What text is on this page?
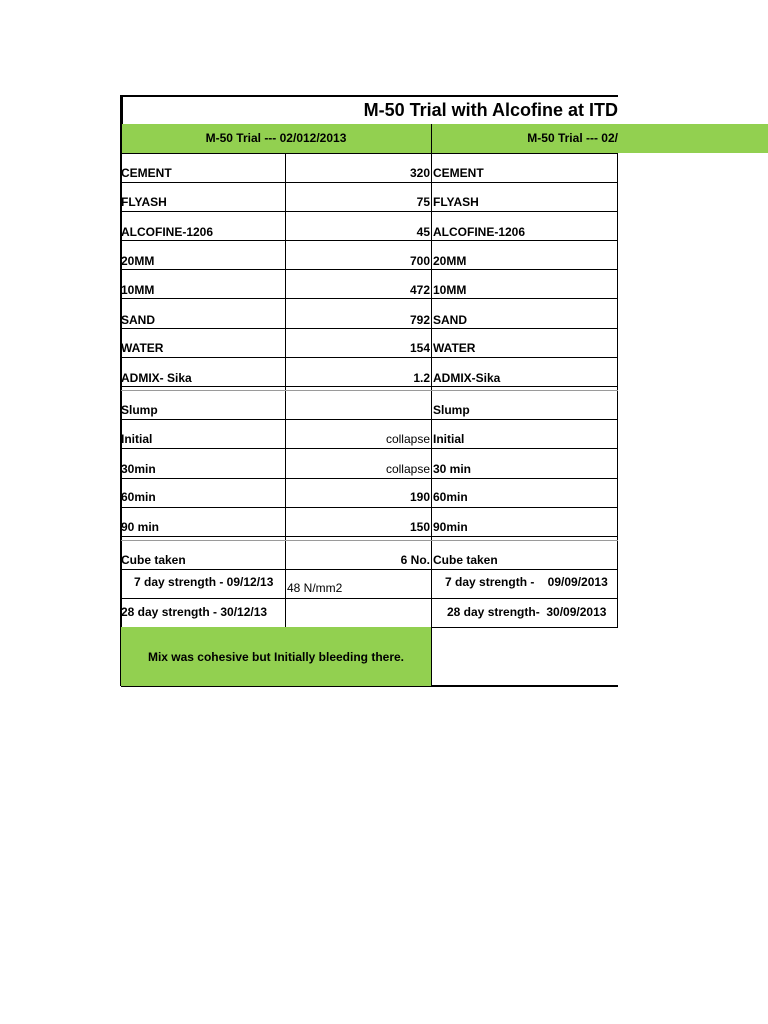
M-50 Trial with Alcofine at ITD
M-50 Trial --- 02/012/2013	M-50 Trial --- 02/
CEMENT
FLYASH
ALCOFINE-1206
20MM
10MM
SAND
WATER
ADMIX- Sika
Slump
Initial
30min
60min
90 min
Cube taken
7 day strength - 09/12/13
28 day strength - 30/12/13
320
75
45
700
472
792
154
1.2
collapse
collapse
190
150
6 No.
48 N/mm2
CEMENT
FLYASH
ALCOFINE-1206
20MM
10MM
SAND
WATER
ADMIX-Sika
Slump
Initial
30 min
60min
90min
Cube taken
7 day strength -    09/09/2013
28 day strength-  30/09/2013
Mix was cohesive but Initially bleeding there.
